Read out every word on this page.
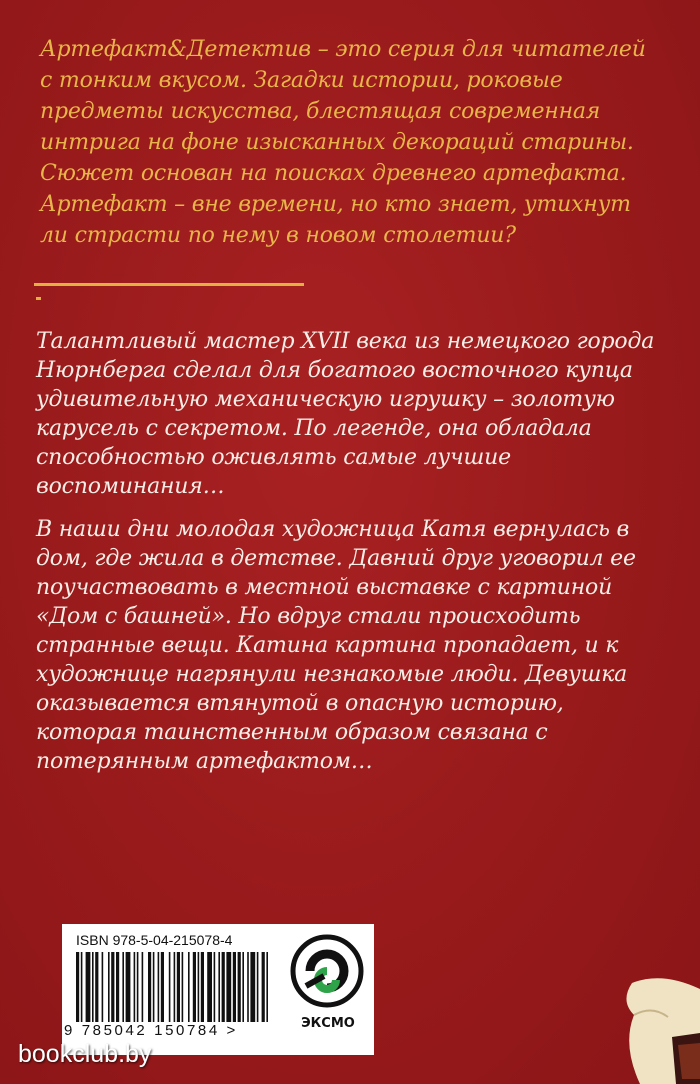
Артефакт&Детектив – это серия для читателей с тонким вкусом. Загадки истории, роковые предметы искусства, блестящая современная интрига на фоне изысканных декораций старины. Сюжет основан на поисках древнего артефакта. Артефакт – вне времени, но кто знает, утихнут ли страсти по нему в новом столетии?

Талантливый мастер XVII века из немецкого города Нюрнберга сделал для богатого восточного купца удивительную механическую игрушку – золотую карусель с секретом. По легенде, она обладала способностью оживлять самые лучшие воспоминания…

В наши дни молодая художница Катя вернулась в дом, где жила в детстве. Давний друг уговорил ее поучаствовать в местной выставке с картиной «Дом с башней». Но вдруг стали происходить странные вещи. Катина картина пропадает, и к художнице нагрянули незнакомые люди. Девушка оказывается втянутой в опасную историю, которая таинственным образом связана с потерянным артефактом…

ISBN 978-5-04-215078-4
9 785042 150784 >	ЭКСМО
bookclub.by
